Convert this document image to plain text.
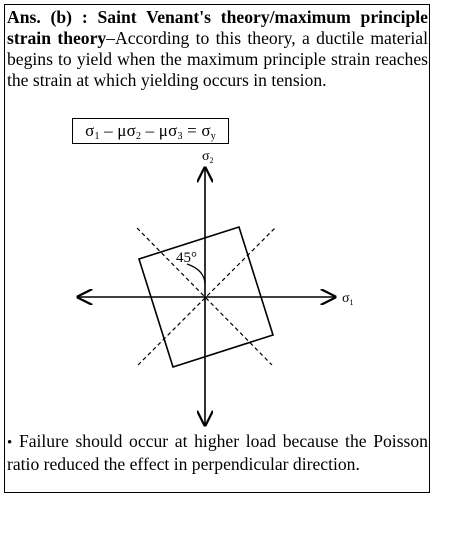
Ans. (b) : Saint Venant's theory/maximum principle strain theory–According to this theory, a ductile material begins to yield when the maximum principle strain reaches the strain at which yielding occurs in tension.
$\sigma_1 - \mu\sigma_2 - \mu\sigma_3 = \sigma_y$
45°
$\sigma_2$
$\sigma_1$
• Failure should occur at higher load because the Poisson ratio reduced the effect in perpendicular direction.
